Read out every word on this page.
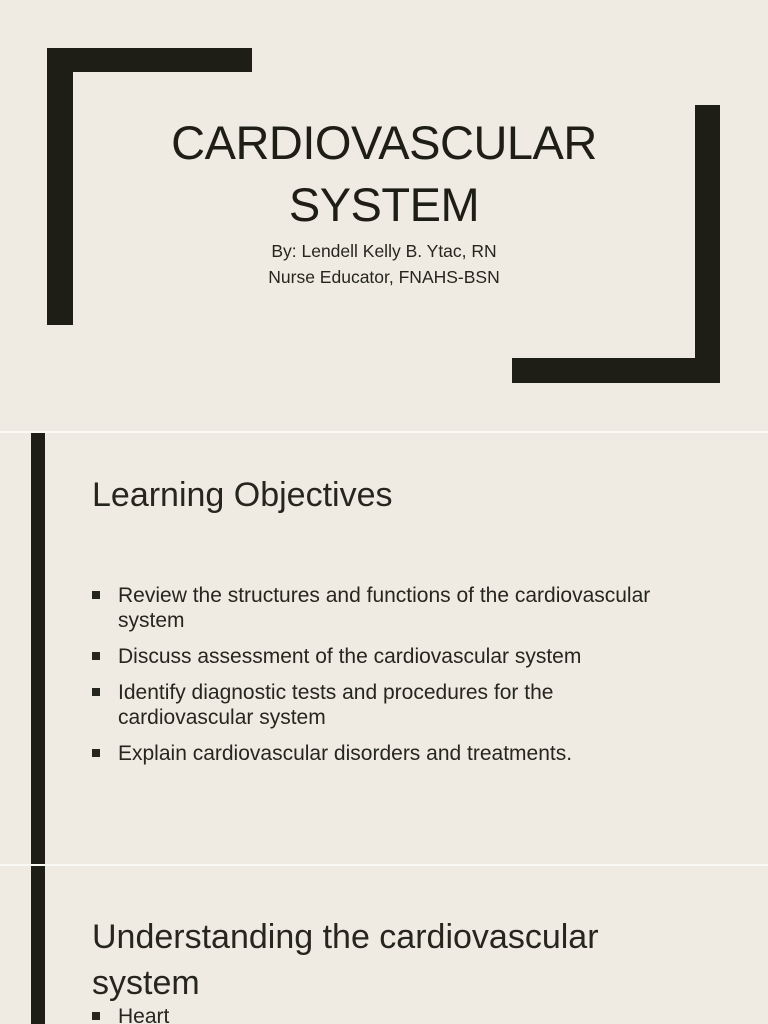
CARDIOVASCULAR
SYSTEM
By: Lendell Kelly B. Ytac, RN
Nurse Educator, FNAHS-BSN
Learning Objectives
Review the structures and functions of the cardiovascular system
Discuss assessment of the cardiovascular system
Identify diagnostic tests and procedures for the cardiovascular system
Explain cardiovascular disorders and treatments.
Understanding the cardiovascular system
Heart
